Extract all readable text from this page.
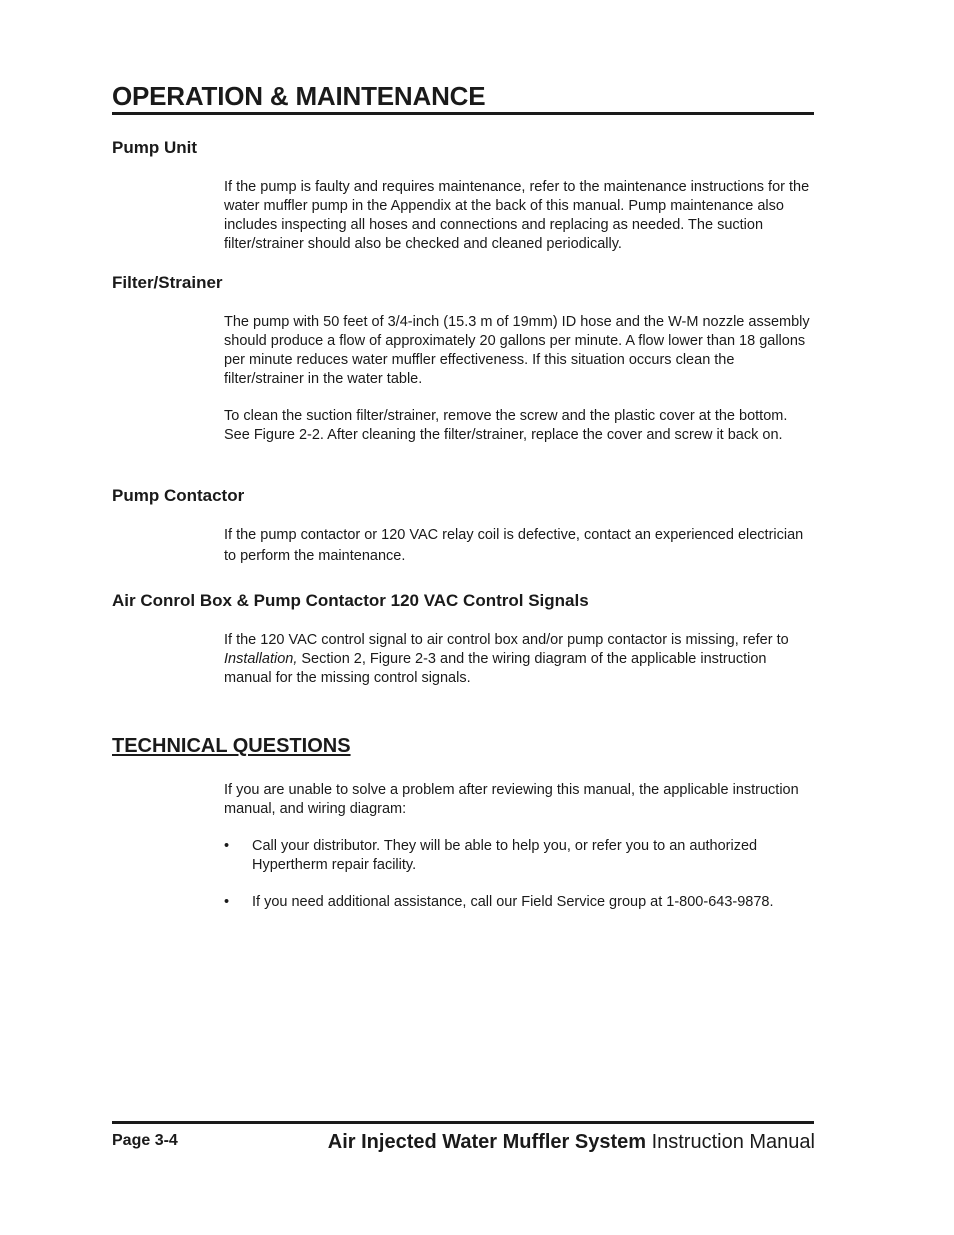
OPERATION & MAINTENANCE
Pump Unit

If the pump is faulty and requires maintenance, refer to the maintenance instructions for the water muffler pump in the Appendix at the back of this manual. Pump maintenance also includes inspecting all hoses and connections and replacing as needed. The suction filter/strainer should also be checked and cleaned periodically.

Filter/Strainer

The pump with 50 feet of 3/4-inch (15.3 m of 19mm) ID hose and the W-M nozzle assembly should produce a flow of approximately 20 gallons per minute. A flow lower than 18 gallons per minute reduces water muffler effectiveness. If this situation occurs clean the filter/strainer in the water table.

To clean the suction filter/strainer, remove the screw and the plastic cover at the bottom. See Figure 2-2. After cleaning the filter/strainer, replace the cover and screw it back on.

Pump Contactor

If the pump contactor or 120 VAC relay coil is defective, contact an experienced electrician to perform the maintenance.

Air Conrol Box & Pump Contactor 120 VAC Control Signals

If the 120 VAC control signal to air control box and/or pump contactor is missing, refer to Installation, Section 2, Figure 2-3 and the wiring diagram of the applicable instruction manual for the missing control signals.

TECHNICAL QUESTIONS

If you are unable to solve a problem after reviewing this manual, the applicable instruction manual, and wiring diagram:

• Call your distributor. They will be able to help you, or refer you to an authorized Hypertherm repair facility.

• If you need additional assistance, call our Field Service group at 1-800-643-9878.

Page 3-4	Air Injected Water Muffler System Instruction Manual
